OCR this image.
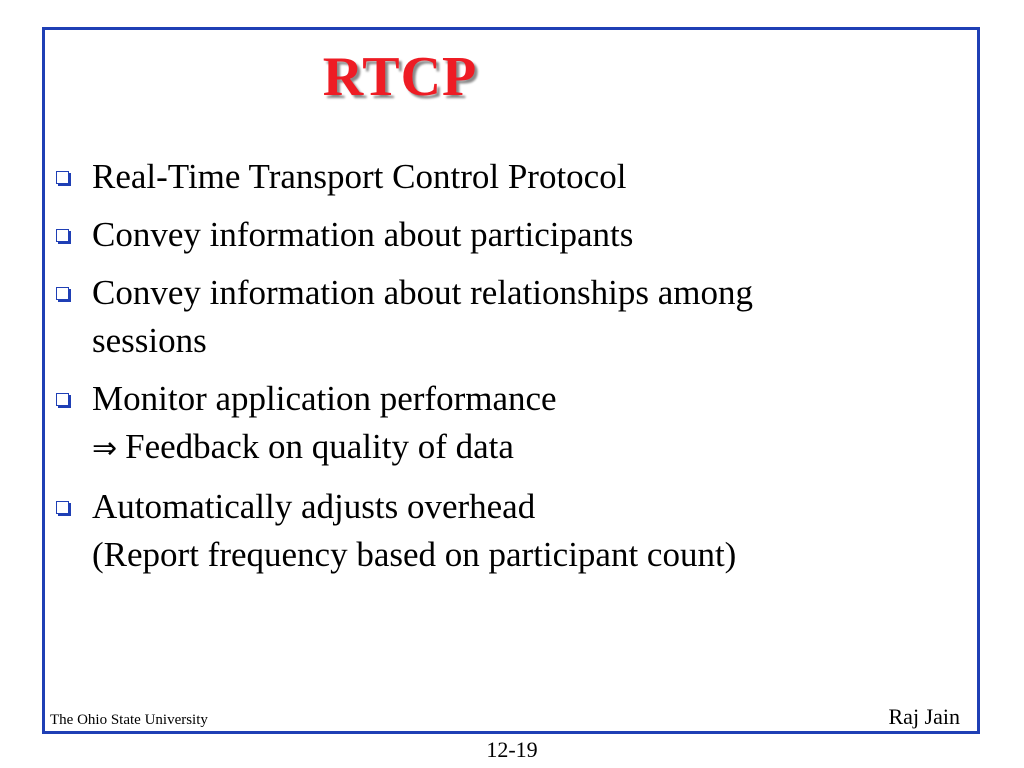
RTCP
Real-Time Transport Control Protocol
Convey information about participants
Convey information about relationships among
sessions
Monitor application performance
⇒ Feedback on quality of data
Automatically adjusts overhead
(Report frequency based on participant count)
The Ohio State University	Raj Jain
12-19
